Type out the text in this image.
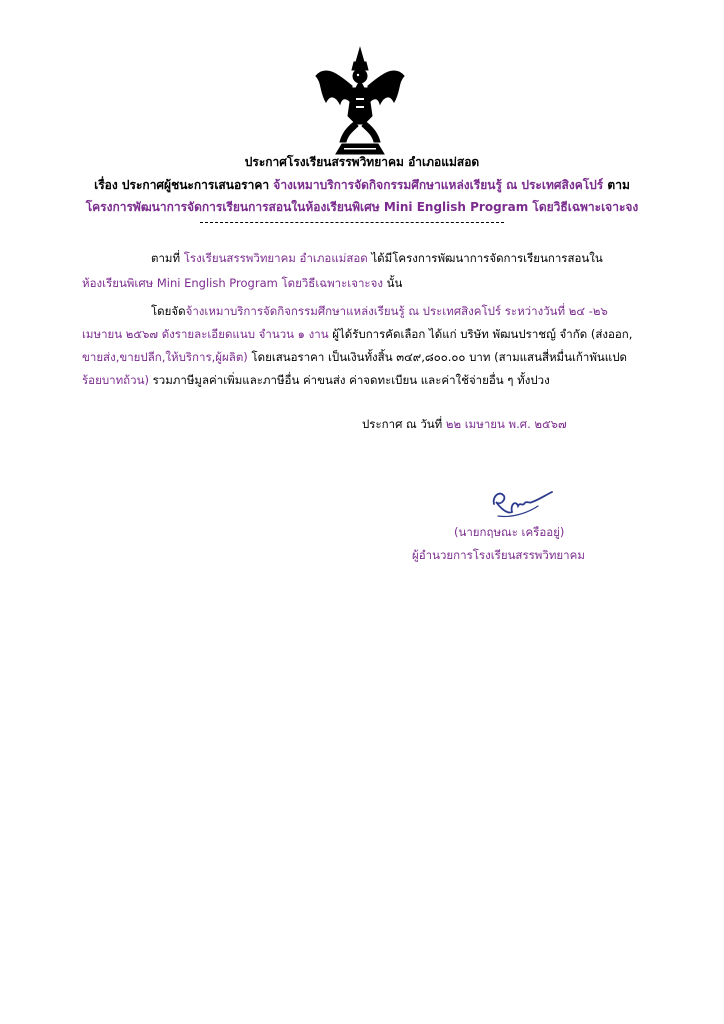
ประกาศโรงเรียนสรรพวิทยาคม อำเภอแม่สอด
เรื่อง ประกาศผู้ชนะการเสนอราคา จ้างเหมาบริการจัดกิจกรรมศึกษาแหล่งเรียนรู้ ณ ประเทศสิงคโปร์ ตาม
โครงการพัฒนาการจัดการเรียนการสอนในห้องเรียนพิเศษ Mini English Program โดยวิธีเฉพาะเจาะจง
ตามที่ โรงเรียนสรรพวิทยาคม อำเภอแม่สอด ได้มีโครงการพัฒนาการจัดการเรียนการสอนใน
ห้องเรียนพิเศษ Mini English Program โดยวิธีเฉพาะเจาะจง นั้น
โดยจัดจ้างเหมาบริการจัดกิจกรรมศึกษาแหล่งเรียนรู้ ณ ประเทศสิงคโปร์ ระหว่างวันที่ ๒๔ -๒๖
เมษายน ๒๕๖๗ ดังรายละเอียดแนบ จำนวน ๑ งาน ผู้ได้รับการคัดเลือก ได้แก่ บริษัท พัฒนปราชญ์ จำกัด (ส่งออก,
ขายส่ง,ขายปลีก,ให้บริการ,ผู้ผลิต) โดยเสนอราคา เป็นเงินทั้งสิ้น ๓๔๙,๘๐๐.๐๐ บาท (สามแสนสี่หมื่นเก้าพันแปด
ร้อยบาทถ้วน) รวมภาษีมูลค่าเพิ่มและภาษีอื่น ค่าขนส่ง ค่าจดทะเบียน และค่าใช้จ่ายอื่น ๆ ทั้งปวง
ประกาศ ณ วันที่ ๒๒ เมษายน พ.ศ. ๒๕๖๗
(นายกฤษณะ เครืออยู่)
ผู้อำนวยการโรงเรียนสรรพวิทยาคม
